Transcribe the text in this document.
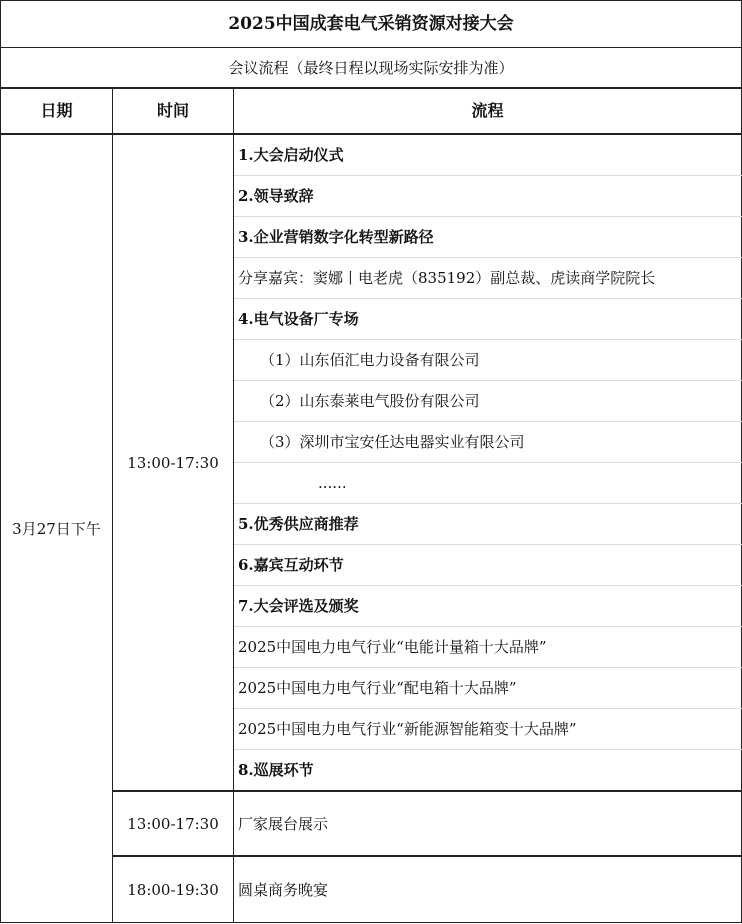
2025中国成套电气采销资源对接大会		
会议流程（最终日程以现场实际安排为准）		
日期	时间	流程
3月27日下午	13:00-17:30	1.大会启动仪式
		2.领导致辞
		3.企业营销数字化转型新路径
		分享嘉宾：窦娜丨电老虎（835192）副总裁、虎读商学院院长
		4.电气设备厂专场
		（1）山东佰汇电力设备有限公司
		（2）山东泰莱电气股份有限公司
		（3）深圳市宝安任达电器实业有限公司
		......
		5.优秀供应商推荐
		6.嘉宾互动环节
		7.大会评选及颁奖
		2025中国电力电气行业“电能计量箱十大品牌”
		2025中国电力电气行业“配电箱十大品牌”
		2025中国电力电气行业“新能源智能箱变十大品牌”
		8.巡展环节
	13:00-17:30	厂家展台展示
	18:00-19:30	圆桌商务晚宴
